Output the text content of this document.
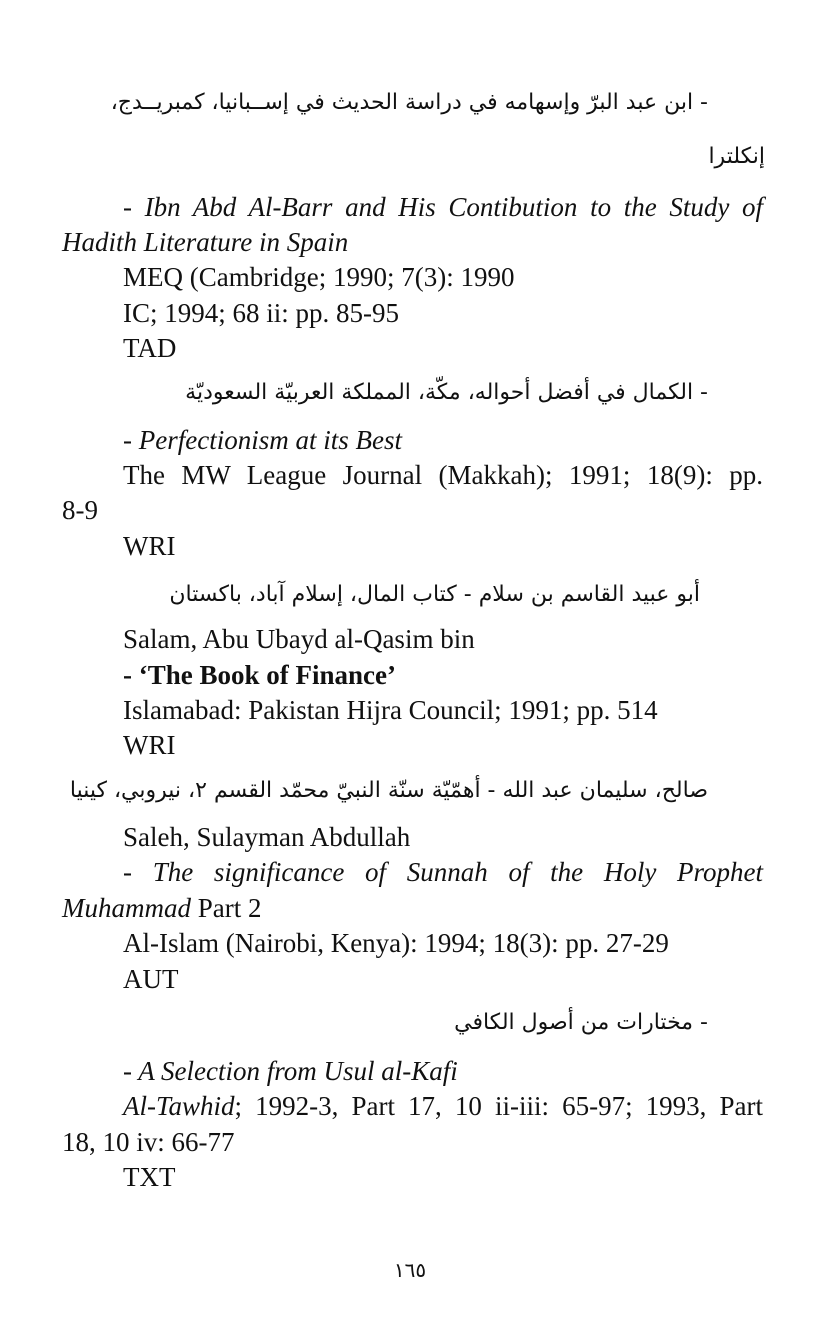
- ابن عبد البرّ وإسهامه في دراسة الحديث في إســبانيا، كمبريــدج،
إنكلترا
- Ibn Abd Al-Barr and His Contibution to the Study of
Hadith Literature in Spain
MEQ (Cambridge; 1990; 7(3): 1990
IC; 1994; 68 ii: pp. 85-95
TAD
- الكمال في أفضل أحواله، مكّة، المملكة العربيّة السعوديّة
- Perfectionism at its Best
The MW League Journal (Makkah); 1991; 18(9): pp.
8-9
WRI
أبو عبيد القاسم بن سلام - كتاب المال، إسلام آباد، باكستان
Salam, Abu Ubayd al-Qasim bin
- ‘The Book of Finance’
Islamabad: Pakistan Hijra Council; 1991; pp. 514
WRI
صالح، سليمان عبد الله - أهمّيّة سنّة النبيّ محمّد القسم ٢، نيروبي، كينيا
Saleh, Sulayman Abdullah
- The significance of Sunnah of the Holy Prophet
Muhammad Part 2
Al-Islam (Nairobi, Kenya): 1994; 18(3): pp. 27-29
AUT
- مختارات من أصول الكافي
- A Selection from Usul al-Kafi
Al-Tawhid; 1992-3, Part 17, 10 ii-iii: 65-97; 1993, Part
18, 10 iv: 66-77
TXT
١٦٥
